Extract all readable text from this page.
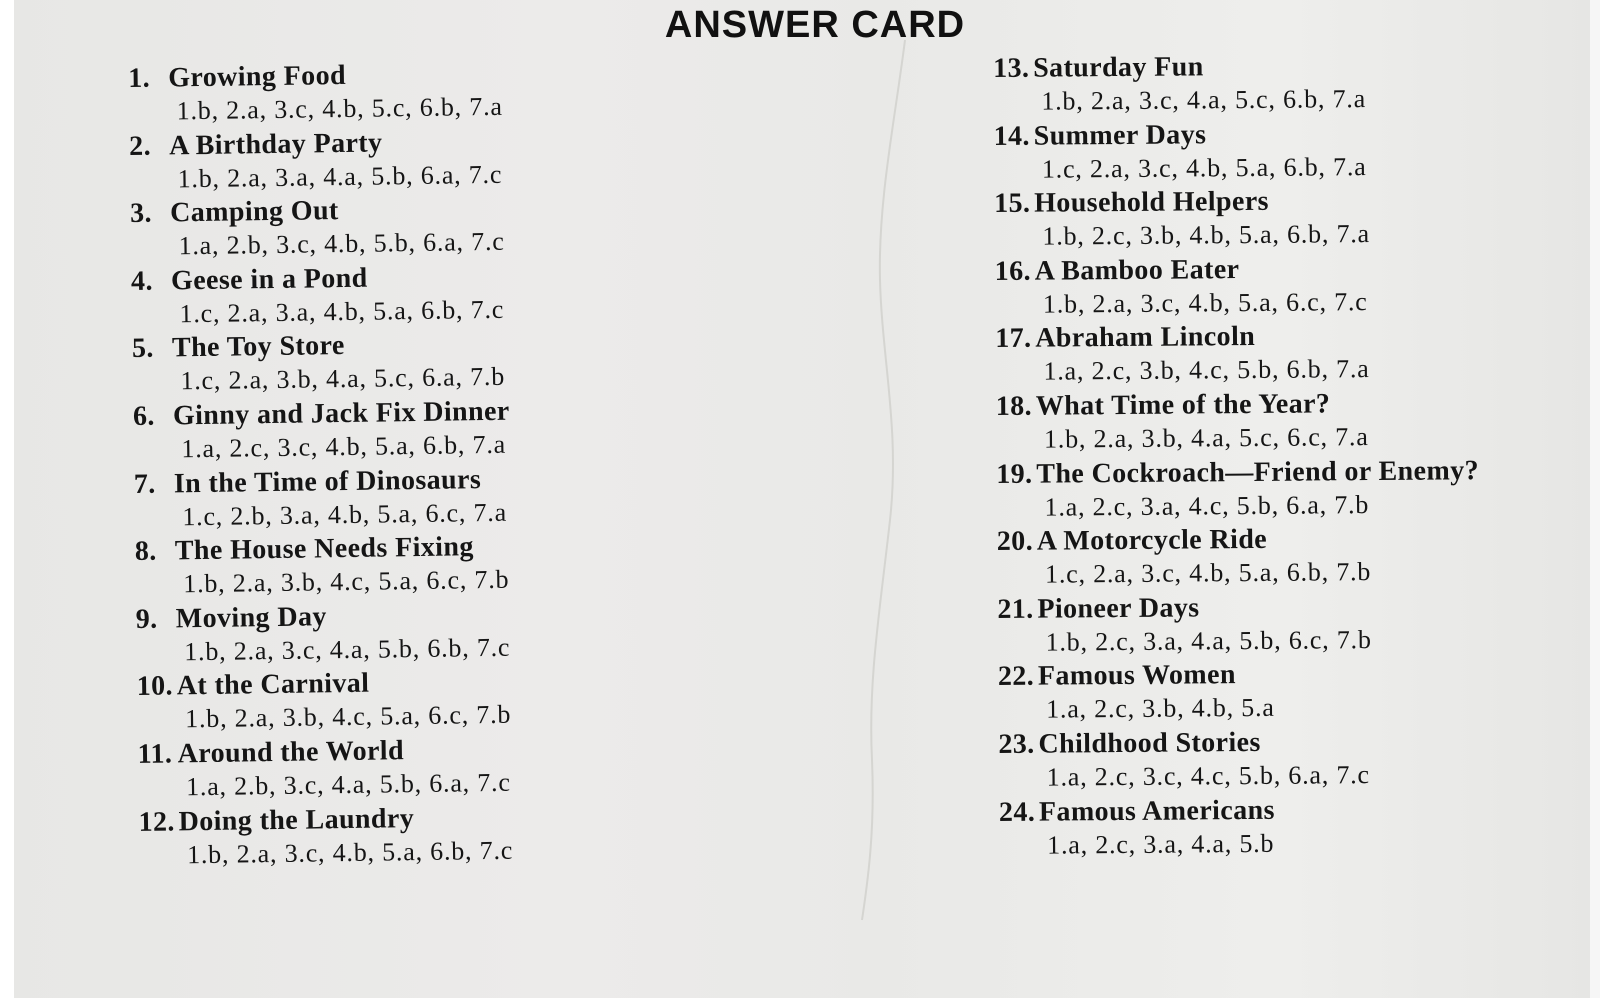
ANSWER CARD
1. Growing Food
1.b, 2.a, 3.c, 4.b, 5.c, 6.b, 7.a
2. A Birthday Party
1.b, 2.a, 3.a, 4.a, 5.b, 6.a, 7.c
3. Camping Out
1.a, 2.b, 3.c, 4.b, 5.b, 6.a, 7.c
4. Geese in a Pond
1.c, 2.a, 3.a, 4.b, 5.a, 6.b, 7.c
5. The Toy Store
1.c, 2.a, 3.b, 4.a, 5.c, 6.a, 7.b
6. Ginny and Jack Fix Dinner
1.a, 2.c, 3.c, 4.b, 5.a, 6.b, 7.a
7. In the Time of Dinosaurs
1.c, 2.b, 3.a, 4.b, 5.a, 6.c, 7.a
8. The House Needs Fixing
1.b, 2.a, 3.b, 4.c, 5.a, 6.c, 7.b
9. Moving Day
1.b, 2.a, 3.c, 4.a, 5.b, 6.b, 7.c
10. At the Carnival
1.b, 2.a, 3.b, 4.c, 5.a, 6.c, 7.b
11. Around the World
1.a, 2.b, 3.c, 4.a, 5.b, 6.a, 7.c
12. Doing the Laundry
1.b, 2.a, 3.c, 4.b, 5.a, 6.b, 7.c
13. Saturday Fun
1.b, 2.a, 3.c, 4.a, 5.c, 6.b, 7.a
14. Summer Days
1.c, 2.a, 3.c, 4.b, 5.a, 6.b, 7.a
15. Household Helpers
1.b, 2.c, 3.b, 4.b, 5.a, 6.b, 7.a
16. A Bamboo Eater
1.b, 2.a, 3.c, 4.b, 5.a, 6.c, 7.c
17. Abraham Lincoln
1.a, 2.c, 3.b, 4.c, 5.b, 6.b, 7.a
18. What Time of the Year?
1.b, 2.a, 3.b, 4.a, 5.c, 6.c, 7.a
19. The Cockroach—Friend or Enemy?
1.a, 2.c, 3.a, 4.c, 5.b, 6.a, 7.b
20. A Motorcycle Ride
1.c, 2.a, 3.c, 4.b, 5.a, 6.b, 7.b
21. Pioneer Days
1.b, 2.c, 3.a, 4.a, 5.b, 6.c, 7.b
22. Famous Women
1.a, 2.c, 3.b, 4.b, 5.a
23. Childhood Stories
1.a, 2.c, 3.c, 4.c, 5.b, 6.a, 7.c
24. Famous Americans
1.a, 2.c, 3.a, 4.a, 5.b
